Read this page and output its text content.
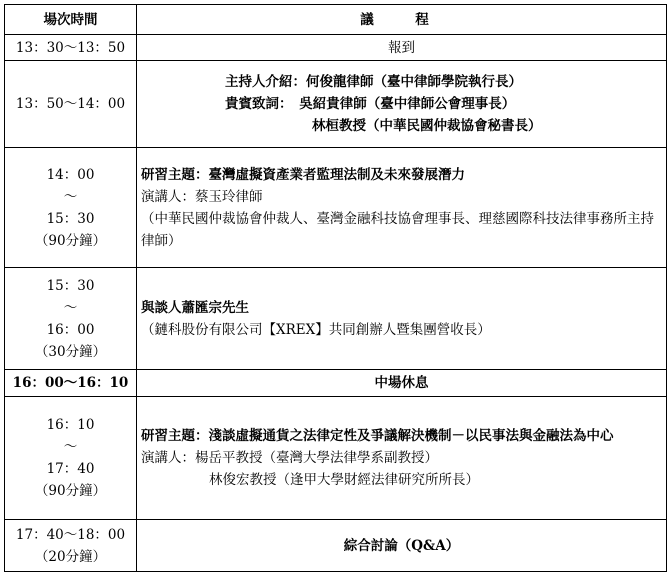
場次時間	議　程
13：30～13：50	報到
13：50～14：00	主持人介紹：何俊龍律師（臺中律師學院執行長）
貴賓致詞：　吳紹貴律師（臺中律師公會理事長）
林桓教授（中華民國仲裁協會秘書長）

14：00
～
15：30
（90分鐘）	研習主題：臺灣虛擬資產業者監理法制及未來發展潛力
演講人：蔡玉玲律師
（中華民國仲裁協會仲裁人、臺灣金融科技協會理事長、理慈國際科技法律事務所主持律師）

15：30
～
16：00
（30分鐘）	與談人蕭匯宗先生
（鏈科股份有限公司【XREX】共同創辦人暨集團營收長）

16：00～16：10	中場休息

16：10
～
17：40
（90分鐘）	研習主題：淺談虛擬通貨之法律定性及爭議解決機制－以民事法與金融法為中心
演講人：楊岳平教授（臺灣大學法律學系副教授）
林俊宏教授（逢甲大學財經法律研究所所長）

17：40～18：00
（20分鐘）	綜合討論（Q&A）
